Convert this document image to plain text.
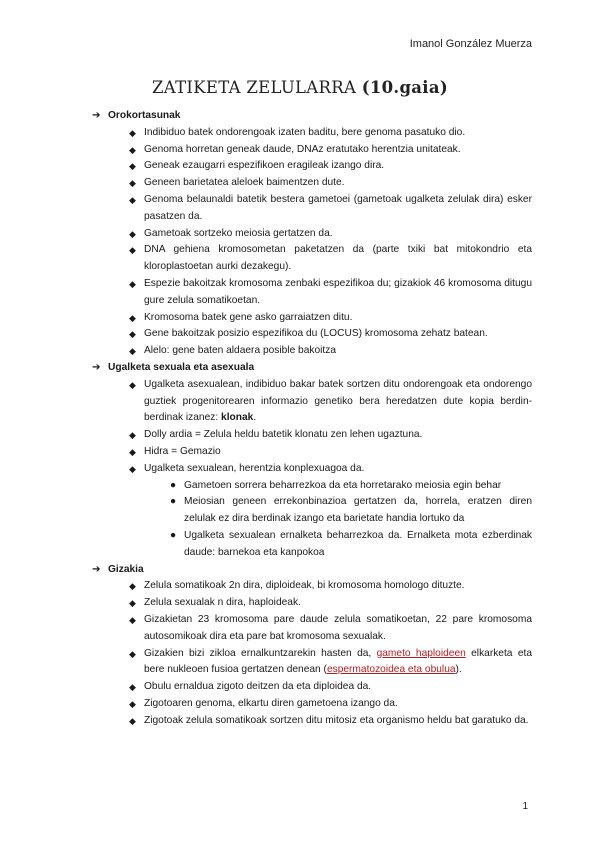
Imanol González Muerza
ZATIKETA ZELULARRA (10.gaia)
➔ Orokortasunak
◆ Indibiduo batek ondorengoak izaten baditu, bere genoma pasatuko dio.
◆ Genoma horretan geneak daude, DNAz eratutako herentzia unitateak.
◆ Geneak ezaugarri espezifikoen eragileak izango dira.
◆ Geneen barietatea aleloek baimentzen dute.
◆ Genoma belaunaldi batetik bestera gametoei (gametoak ugalketa zelulak dira) esker pasatzen da.
◆ Gametoak sortzeko meiosia gertatzen da.
◆ DNA gehiena kromosometan paketatzen da (parte txiki bat mitokondrio eta kloroplastoetan aurki dezakegu).
◆ Espezie bakoitzak kromosoma zenbaki espezifikoa du; gizakiok 46 kromosoma ditugu gure zelula somatikoetan.
◆ Kromosoma batek gene asko garraiatzen ditu.
◆ Gene bakoitzak posizio espezifikoa du (LOCUS) kromosoma zehatz batean.
◆ Alelo: gene baten aldaera posible bakoitza
➔ Ugalketa sexuala eta asexuala
◆ Ugalketa asexualean, indibiduo bakar batek sortzen ditu ondorengoak eta ondorengo guztiek progenitorearen informazio genetiko bera heredatzen dute kopia berdin-berdinak izanez: klonak.
◆ Dolly ardia = Zelula heldu batetik klonatu zen lehen ugaztuna.
◆ Hidra = Gemazio
◆ Ugalketa sexualean, herentzia konplexuagoa da.
● Gametoen sorrera beharrezkoa da eta horretarako meiosia egin behar
● Meiosian geneen errekonbinazioa gertatzen da, horrela, eratzen diren zelulak ez dira berdinak izango eta barietate handia lortuko da
● Ugalketa sexualean ernalketa beharrezkoa da. Ernalketa mota ezberdinak daude: barnekoa eta kanpokoa
➔ Gizakia
◆ Zelula somatikoak 2n dira, diploideak, bi kromosoma homologo dituzte.
◆ Zelula sexualak n dira, haploideak.
◆ Gizakietan 23 kromosoma pare daude zelula somatikoetan, 22 pare kromosoma autosomikoak dira eta pare bat kromosoma sexualak.
◆ Gizakien bizi zikloa ernalkuntzarekin hasten da, gameto haploideen elkarketa eta bere nukleoen fusioa gertatzen denean (espermatozoidea eta obulua).
◆ Obulu ernaldua zigoto deitzen da eta diploidea da.
◆ Zigotoaren genoma, elkartu diren gametoena izango da.
◆ Zigotoak zelula somatikoak sortzen ditu mitosiz eta organismo heldu bat garatuko da.
1
